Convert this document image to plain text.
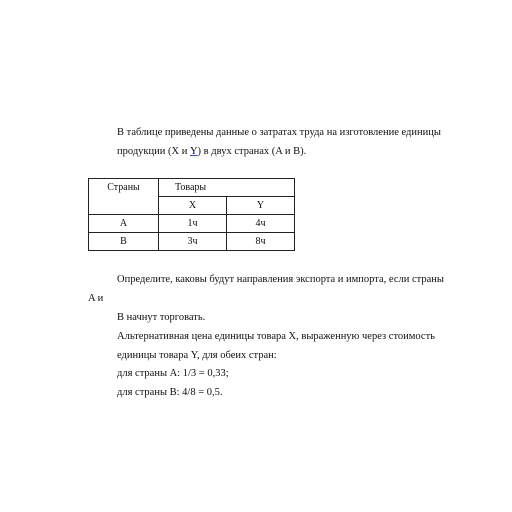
В таблице приведены данные о затратах труда на изготовление единицы
продукции (X и Y) в двух странах (A и B).
Страны	Товары	
	X	Y
A	1ч	4ч
B	3ч	8ч
Определите, каковы будут направления экспорта и импорта, если страны
A и
B начнут торговать.
Альтернативная цена единицы товара X, выраженную через стоимость
единицы товара Y, для обеих стран:
для страны A: 1/3 = 0,33;
для страны B: 4/8 = 0,5.
